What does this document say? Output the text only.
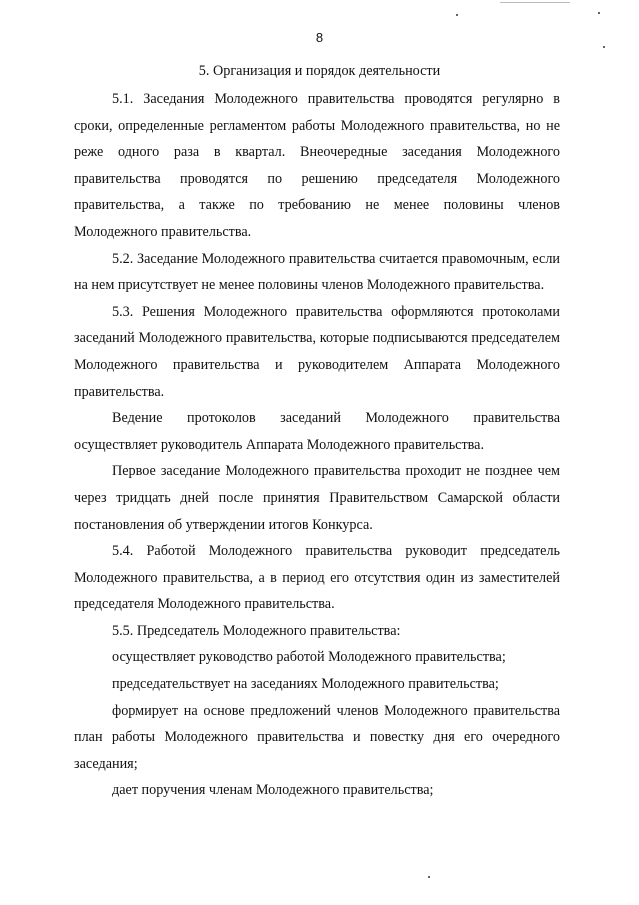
8
5. Организация и порядок деятельности

5.1. Заседания Молодежного правительства проводятся регулярно в сроки, определенные регламентом работы Молодежного правительства, но не реже одного раза в квартал. Внеочередные заседания Молодежного правительства проводятся по решению председателя Молодежного правительства, а также по требованию не менее половины членов Молодежного правительства.

5.2. Заседание Молодежного правительства считается правомочным, если на нем присутствует не менее половины членов Молодежного правительства.

5.3. Решения Молодежного правительства оформляются протоколами заседаний Молодежного правительства, которые подписываются председателем Молодежного правительства и руководителем Аппарата Молодежного правительства.

Ведение протоколов заседаний Молодежного правительства осуществляет руководитель Аппарата Молодежного правительства.

Первое заседание Молодежного правительства проходит не позднее чем через тридцать дней после принятия Правительством Самарской области постановления об утверждении итогов Конкурса.

5.4. Работой Молодежного правительства руководит председатель Молодежного правительства, а в период его отсутствия один из заместителей председателя Молодежного правительства.

5.5. Председатель Молодежного правительства:

осуществляет руководство работой Молодежного правительства;

председательствует на заседаниях Молодежного правительства;

формирует на основе предложений членов Молодежного правительства план работы Молодежного правительства и повестку дня его очередного заседания;

дает поручения членам Молодежного правительства;
